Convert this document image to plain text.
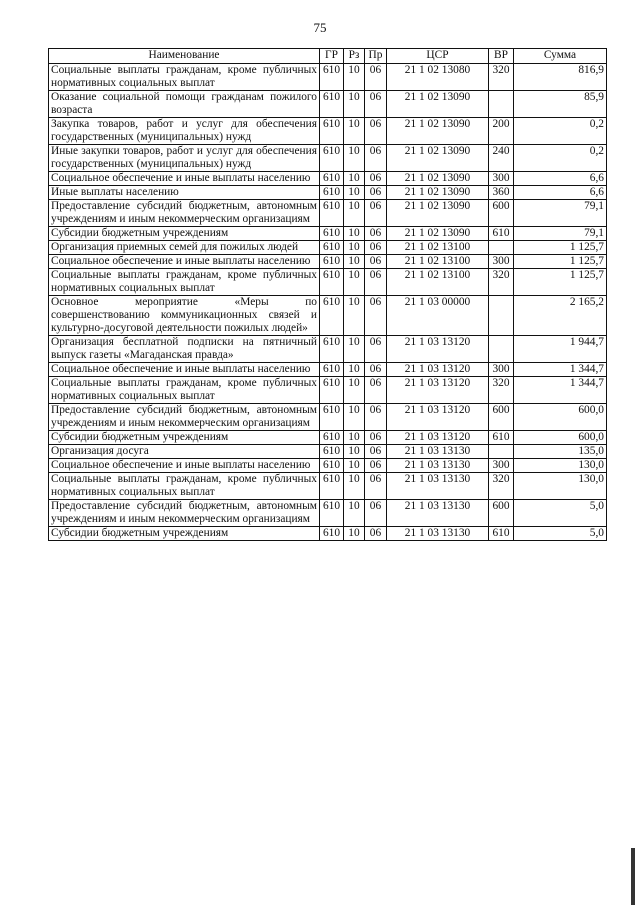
75
Наименование	ГР	Рз	Пр	ЦСР	ВР	Сумма
Социальные выплаты гражданам, кроме публичных нормативных социальных выплат	610	10	06	21 1 02 13080	320	816,9
Оказание социальной помощи гражданам пожилого возраста	610	10	06	21 1 02 13090		85,9
Закупка товаров, работ и услуг для обеспечения государственных (муниципальных) нужд	610	10	06	21 1 02 13090	200	0,2
Иные закупки товаров, работ и услуг для обеспечения государственных (муниципальных) нужд	610	10	06	21 1 02 13090	240	0,2
Социальное обеспечение и иные выплаты населению	610	10	06	21 1 02 13090	300	6,6
Иные выплаты населению	610	10	06	21 1 02 13090	360	6,6
Предоставление субсидий бюджетным, автономным учреждениям и иным некоммерческим организациям	610	10	06	21 1 02 13090	600	79,1
Субсидии бюджетным учреждениям	610	10	06	21 1 02 13090	610	79,1
Организация приемных семей для пожилых людей	610	10	06	21 1 02 13100		1 125,7
Социальное обеспечение и иные выплаты населению	610	10	06	21 1 02 13100	300	1 125,7
Социальные выплаты гражданам, кроме публичных нормативных социальных выплат	610	10	06	21 1 02 13100	320	1 125,7
Основное мероприятие «Меры по совершенствованию коммуникационных связей и культурно-досуговой деятельности пожилых людей»	610	10	06	21 1 03 00000		2 165,2
Организация бесплатной подписки на пятничный выпуск газеты «Магаданская правда»	610	10	06	21 1 03 13120		1 944,7
Социальное обеспечение и иные выплаты населению	610	10	06	21 1 03 13120	300	1 344,7
Социальные выплаты гражданам, кроме публичных нормативных социальных выплат	610	10	06	21 1 03 13120	320	1 344,7
Предоставление субсидий бюджетным, автономным учреждениям и иным некоммерческим организациям	610	10	06	21 1 03 13120	600	600,0
Субсидии бюджетным учреждениям	610	10	06	21 1 03 13120	610	600,0
Организация досуга	610	10	06	21 1 03 13130		135,0
Социальное обеспечение и иные выплаты населению	610	10	06	21 1 03 13130	300	130,0
Социальные выплаты гражданам, кроме публичных нормативных социальных выплат	610	10	06	21 1 03 13130	320	130,0
Предоставление субсидий бюджетным, автономным учреждениям и иным некоммерческим организациям	610	10	06	21 1 03 13130	600	5,0
Субсидии бюджетным учреждениям	610	10	06	21 1 03 13130	610	5,0
